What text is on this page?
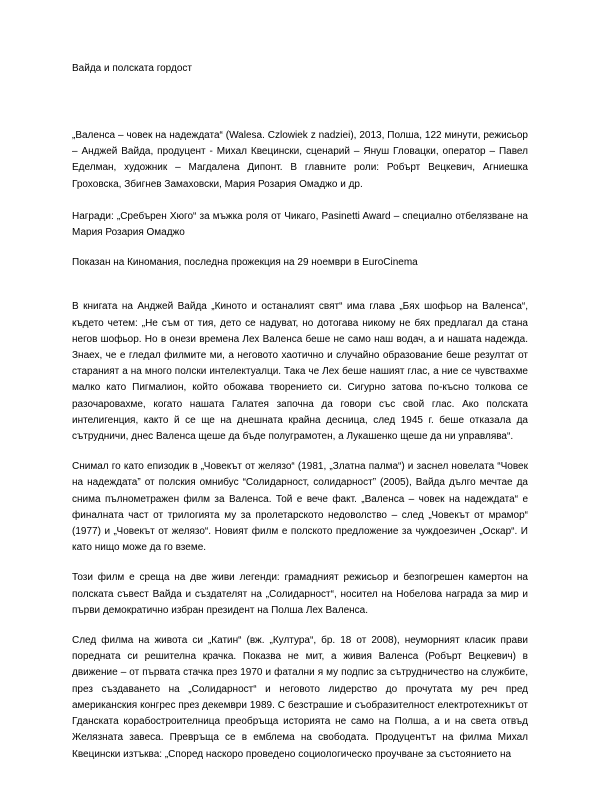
Вайда и полската гордост

„Валенса – човек на надеждата“ (Walesa. Czlowiek z nadziei), 2013, Полша, 122 минути, режисьор – Анджей Вайда, продуцент - Михал Квецински, сценарий – Януш Гловацки, оператор – Павел Еделман, художник – Магдалена Дипонт. В главните роли: Робърт Вецкевич, Агниешка Гроховска, Збигнев Замаховски, Мария Розария Омаджо и др.

Награди: „Сребърен Хюго“ за мъжка роля от Чикаго, Pasinetti Award – специално отбелязване на Мария Розария Омаджо

Показан на Киномания, последна прожекция на 29 ноември в EuroCinema

В книгата на Анджей Вайда „Киното и останалият свят“ има глава „Бях шофьор на Валенса“, където четем: „Не съм от тия, дето се надуват, но дотогава никому не бях предлагал да стана негов шофьор. Но в онези времена Лех Валенса беше не само наш водач, а и нашата надежда. Знаех, че е гледал филмите ми, а неговото хаотично и случайно образование беше резултат от стараният а на много полски интелектуалци. Така че Лех беше нашият глас, а ние се чувствахме малко като Пигмалион, който обожава творението си. Сигурно затова по-късно толкова се разочаровахме, когато нашата Галатея започна да говори със свой глас. Ако полската интелигенция, както й се ще на днешната крайна десница, след 1945 г. беше отказала да сътрудничи, днес Валенса щеше да бъде полуграмотен, а Лукашенко щеше да ни управлява“.

Снимал го като епизодик в „Човекът от желязо“ (1981, „Златна палма“) и заснел новелата “Човек на надеждата” от полския омнибус “Солидарност, солидарност” (2005), Вайда дълго мечтае да снима пълнометражен филм за Валенса. Той е вече факт. „Валенса – човек на надеждата“ е финалната част от трилогията му за пролетарското недоволство – след „Човекът от мрамор“ (1977) и „Човекът от желязо“. Новият филм е полското предложение за чуждоезичен „Оскар“. И като нищо може да го вземе.

Този филм е среща на две живи легенди: грамадният режисьор и безпогрешен камертон на полската съвест Вайда и създателят на „Солидарност“, носител на Нобелова награда за мир и първи демократично избран президент на Полша Лех Валенса.

След филма на живота си „Катин“ (вж. „Култура“, бр. 18 от 2008), неуморният класик прави поредната си решителна крачка. Показва не мит, а живия Валенса (Робърт Вецкевич) в движение – от първата стачка през 1970 и фатални я му подпис за сътрудничество на службите, през създаването на „Солидарност“ и неговото лидерство до прочутата му реч пред американския конгрес през декември 1989. С безстрашие и съобразителност електротехникът от Гданската корабостроителница преобръща историята не само на Полша, а и на света отвъд Желязната завеса. Превръща се в емблема на свободата. Продуцентът на филма Михал Квецински изтъква: „Според наскоро проведено социологическо проучване за състоянието на
